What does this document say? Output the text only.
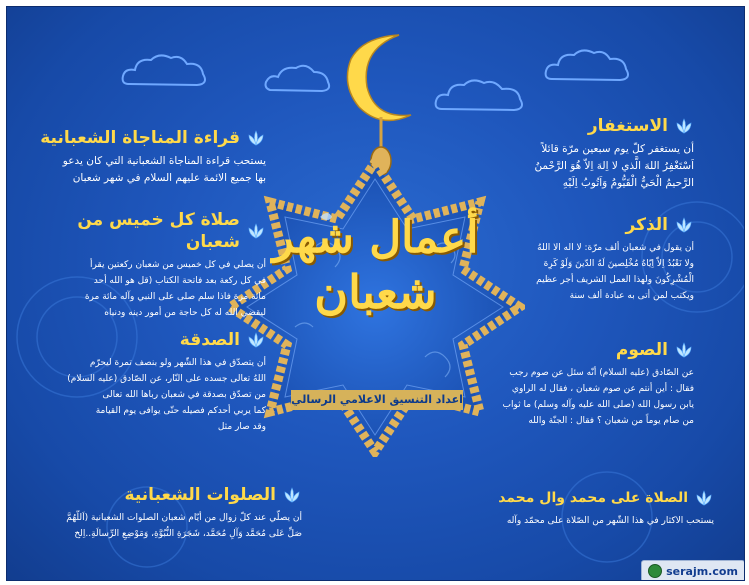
أعمال شهر
شعبان
اعداد التنسيق الاعلامي الرسالي
الاستغفار
أن يستغفر كلّ يوم سبعين مرّة قائلاً
اَسْتَغْفِرُ اللهَ الَّذي لا اِلهَ اِلاّ هُوَ الرَّحْمنُ
الرَّحيمُ الْحَيُّ الْقَيُّومُ وَاَتُوبُ اِلَيْهِ
الذكر
أن يقول في شعبان ألف مرّة: لا اله الا اللهُ
ولا نَعْبُدُ اِلاّ اِيّاهُ مُخْلِصينَ لَهُ الدّينَ وَلَوْ كَرِهَ
الْمُشْرِكُونَ ولهذا العمل الشريف أجر عظيم
ويكتب لمن أتى به عبادة ألف سنة
الصوم
عن الصّادق (عليه السلام) أنّه سئل عن صوم رجب
فقال : أين أنتم عن صوم شعبان ، فقال له الراوي
يابن رسول الله (صلى الله عليه وآله وسلم) ما ثواب
من صام يوماً من شعبان ؟ فقال : الجنّة والله
الصلاة على محمد وال محمد
يستحب الاكثار في هذا الشّهر من الصّلاة على محمّد وآله
قراءة المناجاة الشعبانية
يستحب قراءة المناجاة الشعبانية التي كان يدعو
بها جميع الائمة عليهم السلام في شهر شعبان
صلاة كل خميس من شعبان
أن يصلي في كل خميس من شعبان ركعتين يقرأ
في كل ركعة بعد فاتحة الكتاب (قل هو الله أحد
مائة مرة فاذا سلم صلى على النبي وآله مائة مرة
ليقضي الله له كل حاجة من أمور دينه ودنياه
الصدقة
أن يتصدّق في هذا الشّهر ولو بنصف تمرة ليحرّم
اللهُ تعالى جسده على النّار، عن الصّادق (عليه السلام)
من تصدّق بصدقة في شعبان رباها الله تعالى
كما يربي أحدكم فصيله حتّى يوافى يوم القيامة
وقد صار مثل
الصلوات الشعبانية
أن يصلّي عند كلّ زوال من أيّام شعبان الصلوات الشعبانية (اَللّهُمَّ
صَلِّ عَلى مُحَمَّد وَآلِ مُحَمَّد، شَجَرَةِ النُّبُوَّةِ، وَمَوْضِعِ الرِّسالَةِ..اِلخ
serajm.com
